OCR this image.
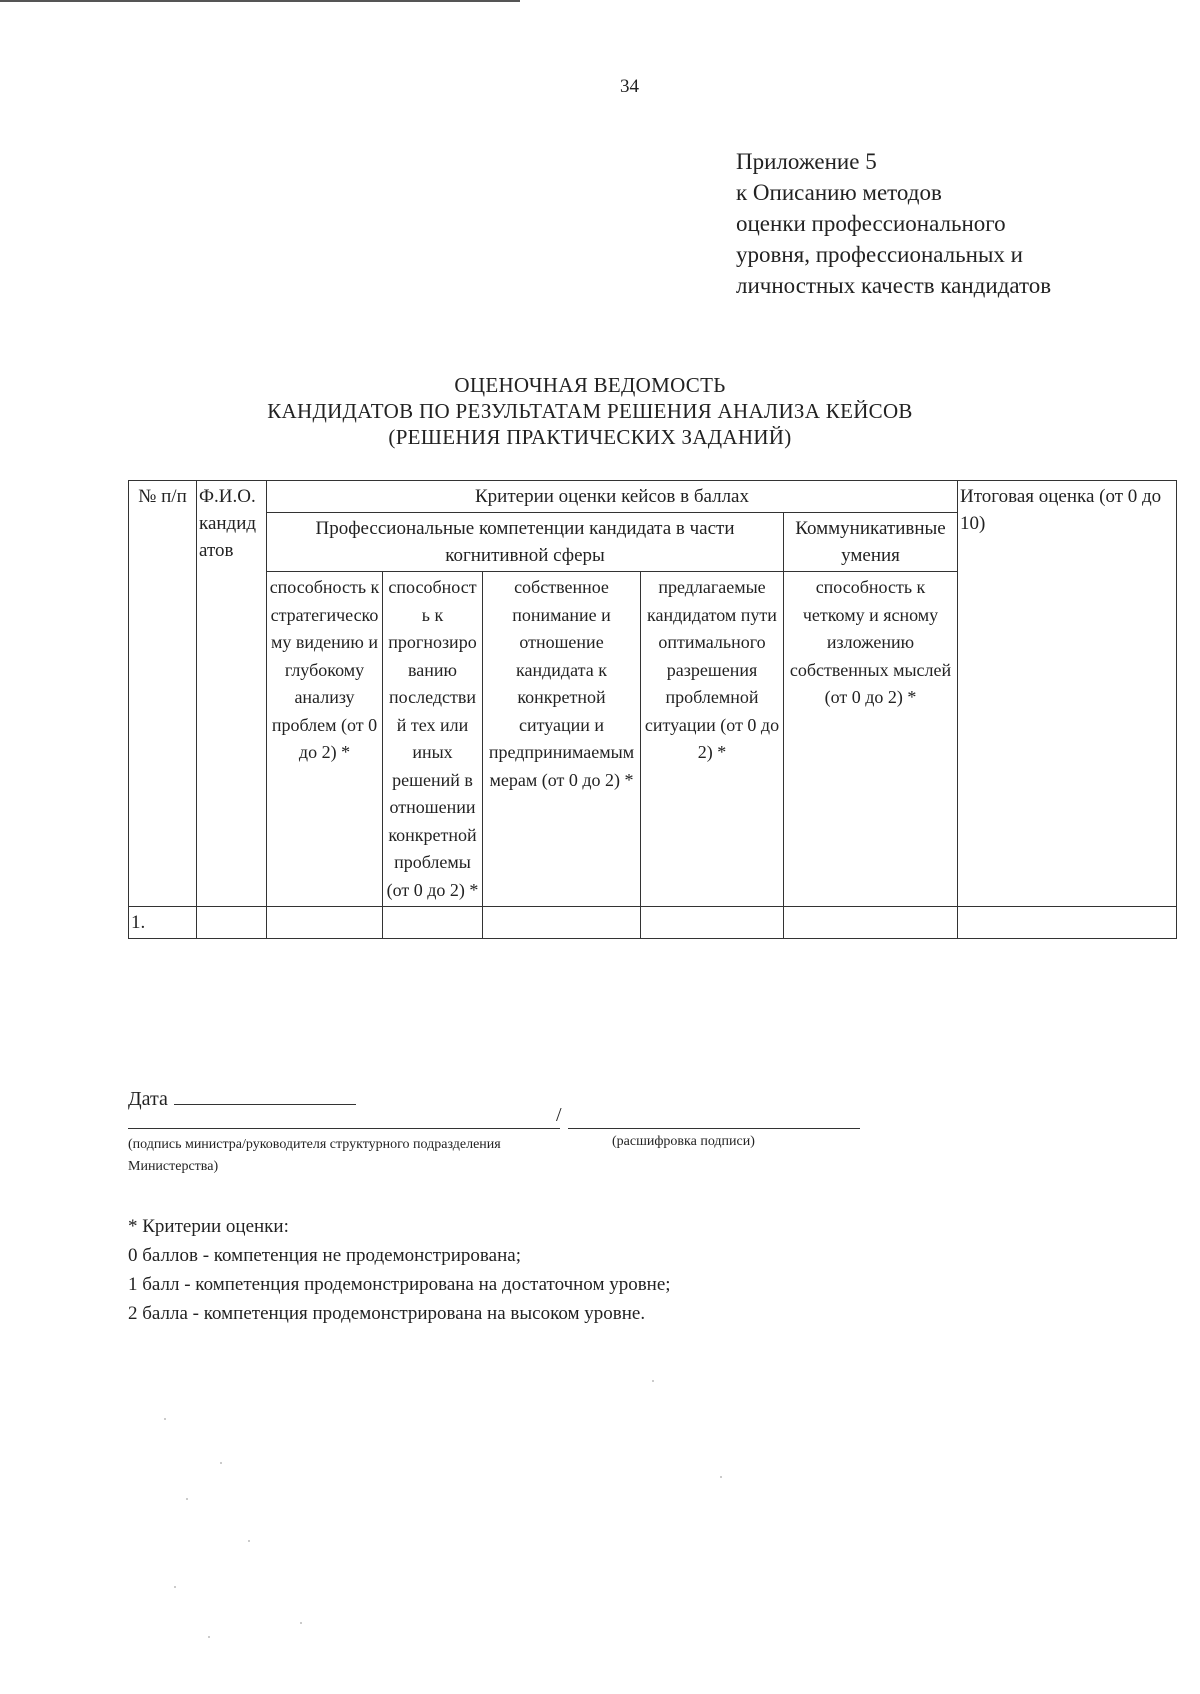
34
Приложение 5
к Описанию методов
оценки профессионального
уровня, профессиональных и
личностных качеств кандидатов
ОЦЕНОЧНАЯ ВЕДОМОСТЬ
КАНДИДАТОВ ПО РЕЗУЛЬТАТАМ РЕШЕНИЯ АНАЛИЗА КЕЙСОВ
(РЕШЕНИЯ ПРАКТИЧЕСКИХ ЗАДАНИЙ)
№ п/п	Ф.И.О. кандидатов	Критерии оценки кейсов в баллах					Итоговая оценка (от 0 до 10)
		Профессиональные компетенции кандидата в части когнитивной сферы				Коммуникативные умения	
		способность к стратегическому видению и глубокому анализу проблем (от 0 до 2) *	способность к прогнозированию последствий тех или иных решений в отношении конкретной проблемы (от 0 до 2) *	собственное понимание и отношение кандидата к конкретной ситуации и предпринимаемым мерам (от 0 до 2) *	предлагаемые кандидатом пути оптимального разрешения проблемной ситуации (от 0 до 2) *	способность к четкому и ясному изложению собственных мыслей (от 0 до 2) *	
1.							
Дата
/
(подпись министра/руководителя структурного подразделения Министерства)
(расшифровка подписи)
* Критерии оценки:
0 баллов - компетенция не продемонстрирована;
1 балл - компетенция продемонстрирована на достаточном уровне;
2 балла - компетенция продемонстрирована на высоком уровне.
